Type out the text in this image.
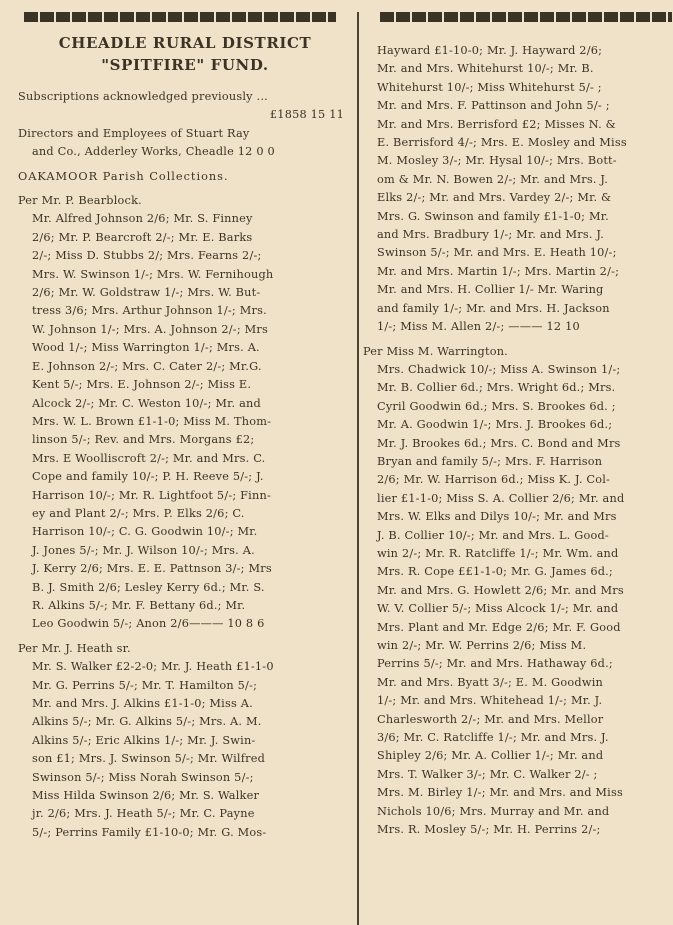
CHEADLE RURAL DISTRICT
"SPITFIRE" FUND.

Subscriptions acknowledged previously ...

£1858 15 11

Directors and Employees of Stuart Ray

and Co., Adderley Works, Cheadle 12 0 0

OAKAMOOR Parish Collections.

Per Mr. P. Bearblock.

Mr. Alfred Johnson 2/6; Mr. S. Finney
2/6; Mr. P. Bearcroft 2/-; Mr. E. Barks
2/-; Miss D. Stubbs 2/; Mrs. Fearns 2/-;
Mrs. W. Swinson 1/-; Mrs. W. Fernihough
2/6; Mr. W. Goldstraw 1/-; Mrs. W. But-
tress 3/6; Mrs. Arthur Johnson 1/-; Mrs.
W. Johnson 1/-; Mrs. A. Johnson 2/-; Mrs
Wood 1/-; Miss Warrington 1/-; Mrs. A.
E. Johnson 2/-; Mrs. C. Cater 2/-; Mr.G.
Kent 5/-; Mrs. E. Johnson 2/-; Miss E.
Alcock 2/-; Mr. C. Weston 10/-; Mr. and
Mrs. W. L. Brown £1-1-0; Miss M. Thom-
linson 5/-; Rev. and Mrs. Morgans £2;
Mrs. E Woolliscroft 2/-; Mr. and Mrs. C.
Cope and family 10/-; P. H. Reeve 5/-; J.
Harrison 10/-; Mr. R. Lightfoot 5/-; Finn-
ey and Plant 2/-; Mrs. P. Elks 2/6; C.
Harrison 10/-; C. G. Goodwin 10/-; Mr.
J. Jones 5/-; Mr. J. Wilson 10/-; Mrs. A.
J. Kerry 2/6; Mrs. E. E. Pattnson 3/-; Mrs
B. J. Smith 2/6; Lesley Kerry 6d.; Mr. S.
R. Alkins 5/-; Mr. F. Bettany 6d.; Mr.
Leo Goodwin 5/-; Anon 2/6——— 10 8 6

Per Mr. J. Heath sr.

Mr. S. Walker £2-2-0; Mr. J. Heath £1-1-0
Mr. G. Perrins 5/-; Mr. T. Hamilton 5/-;
Mr. and Mrs. J. Alkins £1-1-0; Miss A.
Alkins 5/-; Mr. G. Alkins 5/-; Mrs. A. M.
Alkins 5/-; Eric Alkins 1/-; Mr. J. Swin-
son £1; Mrs. J. Swinson 5/-; Mr. Wilfred
Swinson 5/-; Miss Norah Swinson 5/-;
Miss Hilda Swinson 2/6; Mr. S. Walker
jr. 2/6; Mrs. J. Heath 5/-; Mr. C. Payne
5/-; Perrins Family £1-10-0; Mr. G. Mos-
Hayward £1-10-0; Mr. J. Hayward 2/6;
Mr. and Mrs. Whitehurst 10/-; Mr. B.
Whitehurst 10/-; Miss Whitehurst 5/- ;
Mr. and Mrs. F. Pattinson and John 5/- ;
Mr. and Mrs. Berrisford £2; Misses N. &
E. Berrisford 4/-; Mrs. E. Mosley and Miss
M. Mosley 3/-; Mr. Hysal 10/-; Mrs. Bott-
om & Mr. N. Bowen 2/-; Mr. and Mrs. J.
Elks 2/-; Mr. and Mrs. Vardey 2/-; Mr. &
Mrs. G. Swinson and family £1-1-0; Mr.
and Mrs. Bradbury 1/-; Mr. and Mrs. J.
Swinson 5/-; Mr. and Mrs. E. Heath 10/-;
Mr. and Mrs. Martin 1/-; Mrs. Martin 2/-;
Mr. and Mrs. H. Collier 1/- Mr. Waring
and family 1/-; Mr. and Mrs. H. Jackson
1/-; Miss M. Allen 2/-; ——— 12 10

Per Miss M. Warrington.

Mrs. Chadwick 10/-; Miss A. Swinson 1/-;
Mr. B. Collier 6d.; Mrs. Wright 6d.; Mrs.
Cyril Goodwin 6d.; Mrs. S. Brookes 6d. ;
Mr. A. Goodwin 1/-; Mrs. J. Brookes 6d.;
Mr. J. Brookes 6d.; Mrs. C. Bond and Mrs
Bryan and family 5/-; Mrs. F. Harrison
2/6; Mr. W. Harrison 6d.; Miss K. J. Col-
lier £1-1-0; Miss S. A. Collier 2/6; Mr. and
Mrs. W. Elks and Dilys 10/-; Mr. and Mrs
J. B. Collier 10/-; Mr. and Mrs. L. Good-
win 2/-; Mr. R. Ratcliffe 1/-; Mr. Wm. and
Mrs. R. Cope ££1-1-0; Mr. G. James 6d.;
Mr. and Mrs. G. Howlett 2/6; Mr. and Mrs
W. V. Collier 5/-; Miss Alcock 1/-; Mr. and
Mrs. Plant and Mr. Edge 2/6; Mr. F. Good
win 2/-; Mr. W. Perrins 2/6; Miss M.
Perrins 5/-; Mr. and Mrs. Hathaway 6d.;
Mr. and Mrs. Byatt 3/-; E. M. Goodwin
1/-; Mr. and Mrs. Whitehead 1/-; Mr. J.
Charlesworth 2/-; Mr. and Mrs. Mellor
3/6; Mr. C. Ratcliffe 1/-; Mr. and Mrs. J.
Shipley 2/6; Mr. A. Collier 1/-; Mr. and
Mrs. T. Walker 3/-; Mr. C. Walker 2/- ;
Mrs. M. Birley 1/-; Mr. and Mrs. and Miss
Nichols 10/6; Mrs. Murray and Mr. and
Mrs. R. Mosley 5/-; Mr. H. Perrins 2/-;
